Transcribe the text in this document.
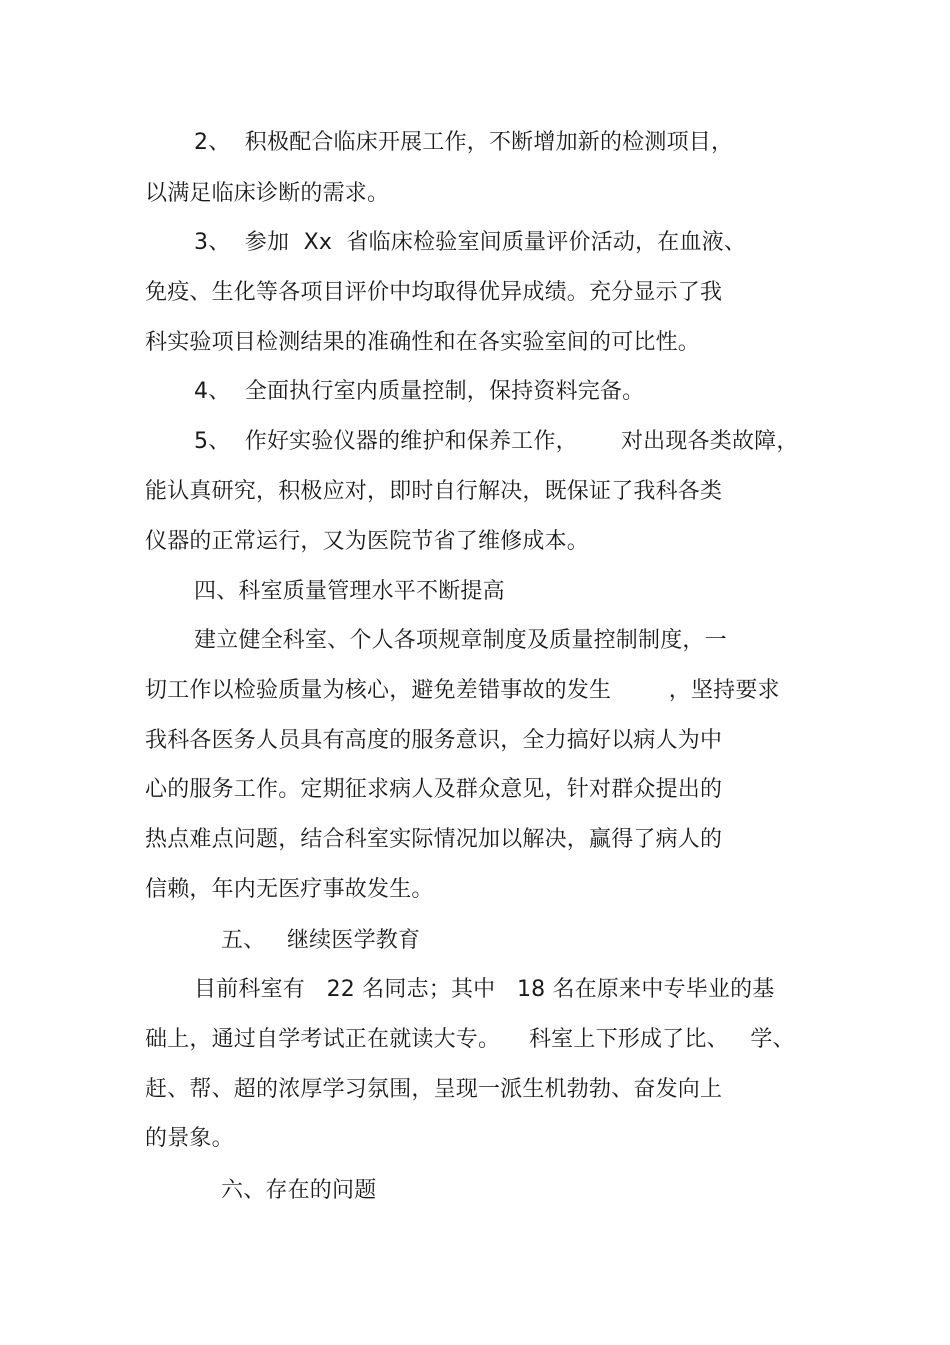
2、  积极配合临床开展工作，不断增加新的检测项目，
以满足临床诊断的需求。
3、  参加  Xx  省临床检验室间质量评价活动，在血液、
免疫、生化等各项目评价中均取得优异成绩。充分显示了我
科实验项目检测结果的准确性和在各实验室间的可比性。
4、  全面执行室内质量控制，保持资料完备。
5、  作好实验仪器的维护和保养工作，      对出现各类故障，
能认真研究，积极应对，即时自行解决，既保证了我科各类
仪器的正常运行，又为医院节省了维修成本。
四、科室质量管理水平不断提高
建立健全科室、个人各项规章制度及质量控制制度，一
切工作以检验质量为核心，避免差错事故的发生        ，坚持要求
我科各医务人员具有高度的服务意识，全力搞好以病人为中
心的服务工作。定期征求病人及群众意见，针对群众提出的
热点难点问题，结合科室实际情况加以解决，赢得了病人的
信赖，年内无医疗事故发生。
五、   继续医学教育
目前科室有   22 名同志；其中   18 名在原来中专毕业的基
础上，通过自学考试正在就读大专。    科室上下形成了比、   学、
赶、帮、超的浓厚学习氛围，呈现一派生机勃勃、奋发向上
的景象。
六、存在的问题
